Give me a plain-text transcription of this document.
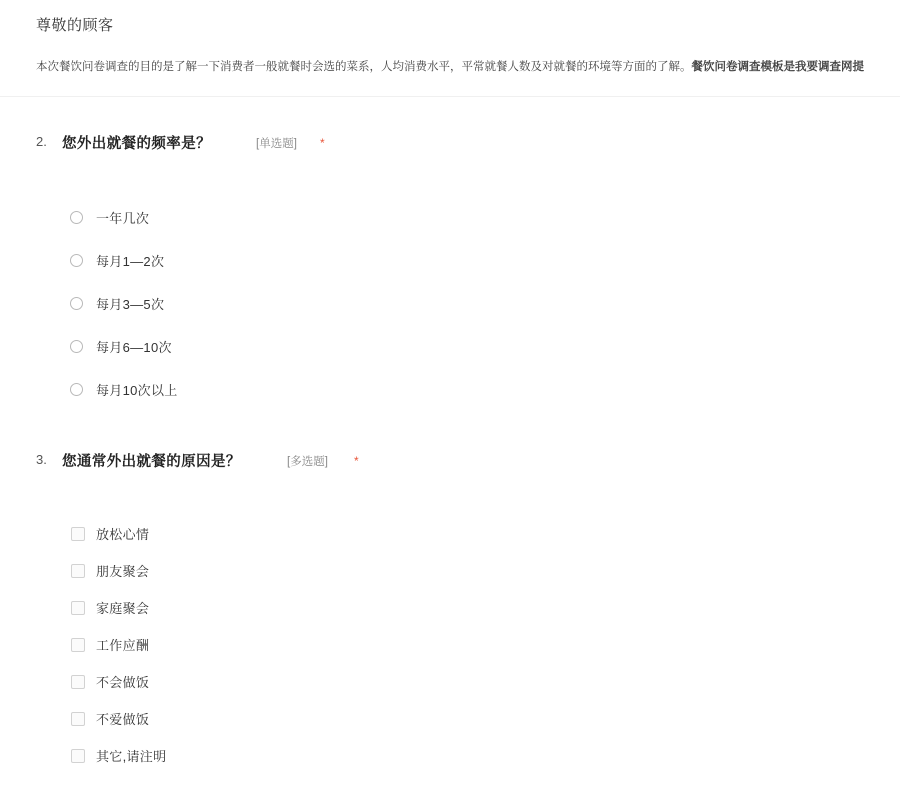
尊敬的顾客
本次餐饮问卷调查的目的是了解一下消费者一般就餐时会选的菜系，人均消费水平，平常就餐人数及对就餐的环境等方面的了解。餐饮问卷调查模板是我要调查网提
2. 您外出就餐的频率是？	[单选题] *
一年几次
每月1—2次
每月3—5次
每月6—10次
每月10次以上
3. 您通常外出就餐的原因是？	[多选题] *
放松心情
朋友聚会
家庭聚会
工作应酬
不会做饭
不爱做饭
其它,请注明
